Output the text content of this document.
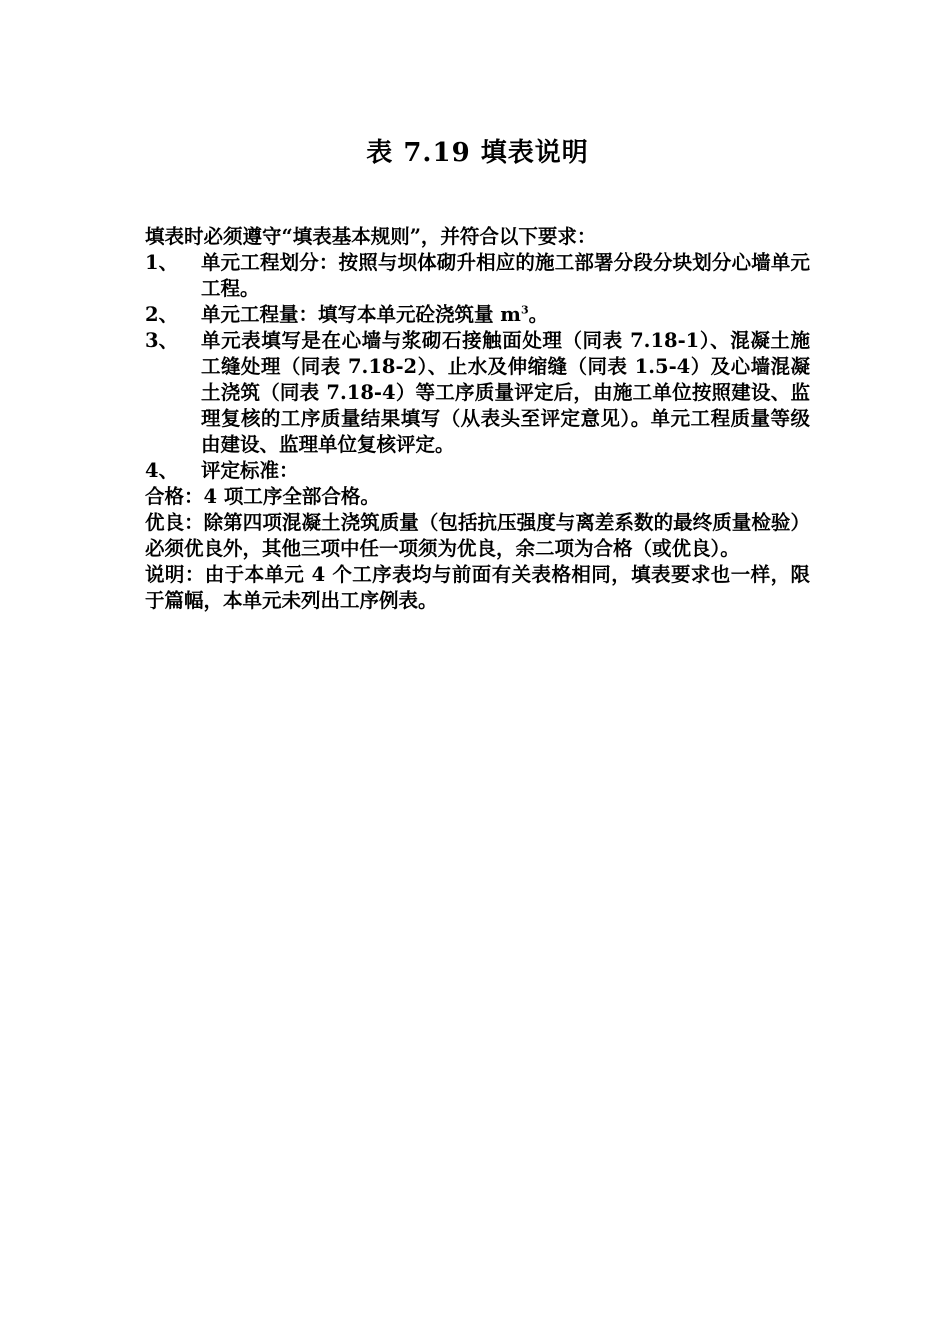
表 7.19 填表说明

填表时必须遵守“填表基本规则”，并符合以下要求：

1、	单元工程划分：按照与坝体砌升相应的施工部署分段分块划分心墙单元工程。
2、	单元工程量：填写本单元砼浇筑量 $m^3$。
3、	单元表填写是在心墙与浆砌石接触面处理（同表 7.18-1）、混凝土施工缝处理（同表 7.18-2）、止水及伸缩缝（同表 1.5-4）及心墙混凝土浇筑（同表 7.18-4）等工序质量评定后，由施工单位按照建设、监理复核的工序质量结果填写（从表头至评定意见）。单元工程质量等级由建设、监理单位复核评定。
4、	评定标准：

合格：4 项工序全部合格。

优良：除第四项混凝土浇筑质量（包括抗压强度与离差系数的最终质量检验）必须优良外，其他三项中任一项须为优良，余二项为合格（或优良）。

说明：由于本单元 4 个工序表均与前面有关表格相同，填表要求也一样，限于篇幅，本单元未列出工序例表。
